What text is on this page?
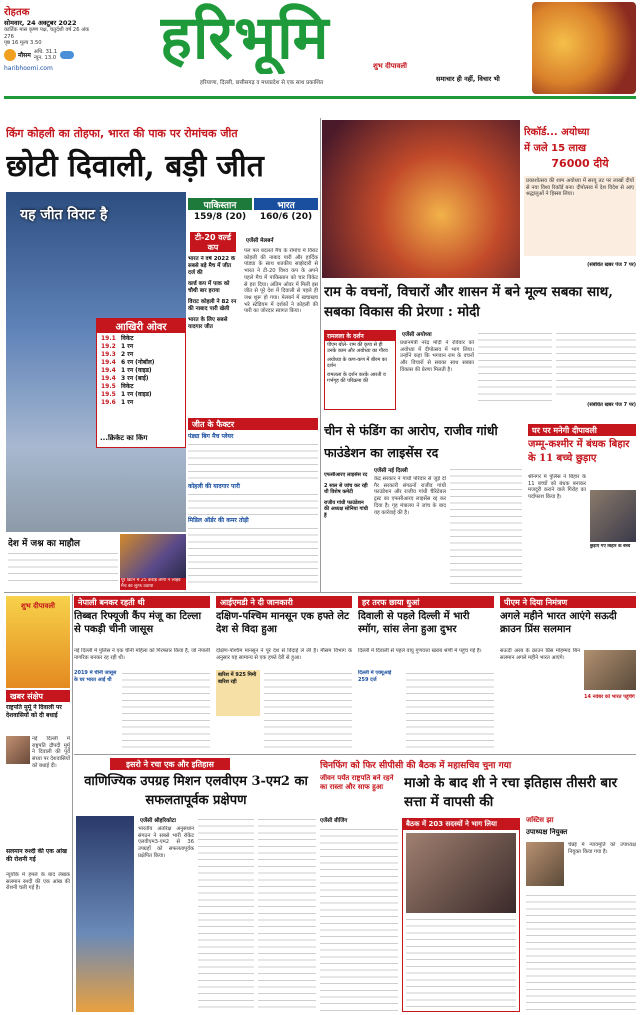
रोहतक
सोमवार, 24 अक्टूबर 2022
कार्तिक मास कृष्ण पक्ष, चतुर्दशी वर्ष 26 अंक 276
पृष्ठ 16 मूल्य 3.50
मौसम
अधि. 31.1
न्यून. 13.0
haribhoomi.com	हरिभूमि	शुभ दीपावली
हरियाणा, दिल्ली, छत्तीसगढ़ व मध्यप्रदेश से एक साथ प्रकाशित	समाचार ही नहीं, विचार भी
किंग कोहली का तोहफा, भारत की पाक पर रोमांचक जीत
छोटी दिवाली, बड़ी जीत
यह जीत विराट है
पाकिस्तान	भारत
159/8 (20)	160/6 (20)
टी-20 वर्ल्ड कप
भारत ने वर्ष 2022 के सबसे बड़े मैच में जीत दर्ज की
वर्ल्ड कप में पाक को चौथी बार हराया
विराट कोहली ने 82 रन की नाबाद पारी खेली
भारत के लिए सबसे यादगार जीत
एजेंसी मेलबर्न
पल पल बदलते मैच के रोमांच में विराट कोहली की नाबाद पारी और हार्दिक पांड्या के साथ शतकीय साझेदारी से भारत ने टी-20 विश्व कप के अपने पहले मैच में पाकिस्तान को चार विकेट से हरा दिया। अंतिम ओवर में मिली इस जीत से पूरे देश में दिवाली से पहले ही जश्न शुरू हो गया। मेलबर्न में खचाखच भरे स्टेडियम में दर्शकों ने कोहली की पारी का जोरदार स्वागत किया।
आखिरी ओवर
19.1 विकेट
19.2 1 रन
19.3 2 रन
19.4 6 रन (नोबॉल)
19.4 1 रन (वाइड)
19.4 3 रन (बाई)
19.5 विकेट
19.5 1 रन (वाइड)
19.6 1 रन
...क्रिकेट का किंग
जीत के फैक्टर
पंड्या बिग मैच प्लेयर
कोहली की यादगार पारी
मिडिल ऑर्डर की कमर तोड़ी
देश में जश्न का माहौल
पूरे ब्रिटेन में 25 करोड़ लोगों ने लाइव मैच का लुत्फ उठाया
रिकॉर्ड... अयोध्या
में जले 15 लाख
76000 दीये
प्रकाशोत्सव की शाम अयोध्या में सरयू तट पर लाखों दीयों से नया विश्व रिकॉर्ड बना। दीपोत्सव में देश विदेश से आए श्रद्धालुओं ने हिस्सा लिया।
(संबंधित खबर पेज 7 पर)
राम के वचनों, विचारों और शासन में बने मूल्य सबका साथ, सबका विकास की प्रेरणा : मोदी
रामलला के दर्शन
पीएम बोले- राम की कृपा से ही उनके काम और अयोध्या का गौरव
अयोध्या के कण-कण में बीरम का दर्शन
रामलला के दर्शन करके आरती व गर्भगृह की परिक्रमा की
एजेंसी अयोध्या
प्रधानमंत्री नरेंद्र मोदी ने रविवार को अयोध्या में दीपोत्सव में भाग लिया। उन्होंने कहा कि भगवान राम के वचनों और विचारों से सबका साथ सबका विकास की प्रेरणा मिलती है।
(संबंधित खबर पेज 7 पर)
चीन से फंडिंग का आरोप, राजीव गांधी फाउंडेशन का लाइसेंस रद
एफसीआरए लाइसेंस रद
2 साल से जांच कर रही थी विशेष कमेटी
राजीव गांधी फाउंडेशन की अध्यक्ष सोनिया गांधी हैं
एजेंसी नई दिल्ली
केंद्र सरकार ने गांधी परिवार से जुड़े दो गैर सरकारी संगठनों राजीव गांधी फाउंडेशन और राजीव गांधी चैरिटेबल ट्रस्ट का एफसीआरए लाइसेंस रद्द कर दिया है। गृह मंत्रालय ने जांच के बाद यह कार्रवाई की है।
घर पर मनेगी दीपावली
जम्मू-कश्मीर में बंधक बिहार के 11 बच्चे छुड़ाए
श्रीनगर में पुलिस ने बिहार के 11 बच्चों को बंधक बनाकर मजदूरी कराने वाले गिरोह का पर्दाफाश किया है।
छुड़ाए गए बिहार के बच्चे
शुभ दीपावली	नेपाली बनकर रहती थी
तिब्बत रिफ्यूजी कैंप मंजू का टिल्ला से पकड़ी चीनी जासूस
नई दिल्ली में पुलिस ने एक चीनी महिला को गिरफ्तार किया है, जो नेपाली नागरिक बनकर रह रही थी।
2019 में चीनी जासूस के घर भारत आई थी
आईएमडी ने दी जानकारी
दक्षिण-पश्चिम मानसून एक हफ्ते लेट देश से विदा हुआ
दक्षिण-पश्चिम मानसून ने पूरे देश से विदाई ले ली है। मौसम विभाग के अनुसार यह सामान्य से एक हफ्ते देरी से हुआ।
बारिश में 925 मिमी बारिश रही
हर तरफ छाया धुआं
दिवाली से पहले दिल्ली में भारी स्मॉग, सांस लेना हुआ दुभर
दिल्ली में दिवाली से पहले वायु गुणवत्ता खराब श्रेणी में पहुंच गई है।
दिल्ली में एक्यूआई 259 दर्ज
पीएम ने दिया निमंत्रण
अगले महीने भारत आएंगे सऊदी क्राउन प्रिंस सलमान
सऊदी अरब के क्राउन प्रिंस मोहम्मद बिन सलमान अगले महीने भारत आएंगे।
14 नवंबर को भारत पहुंचेंगे
खबर संक्षेप
राष्ट्रपति मुर्मू ने दिवाली पर देशवासियों को दी बधाई
नई दिल्ली में राष्ट्रपति द्रौपदी मुर्मू ने दिवाली की पूर्व संध्या पर देशवासियों को बधाई दी।
सलमान रुश्दी की एक आंख की रोशनी गई
न्यूयॉर्क में हमले के बाद लेखक सलमान रुश्दी की एक आंख की रोशनी चली गई है।
इसरो ने रचा एक और इतिहास
वाणिज्यिक उपग्रह मिशन एलवीएम 3-एम2 का सफलतापूर्वक प्रक्षेपण
एजेंसी श्रीहरिकोटा
भारतीय अंतरिक्ष अनुसंधान संगठन ने सबसे भारी रॉकेट एलवीएम3-एम2 से 36 उपग्रहों को सफलतापूर्वक प्रक्षेपित किया।
चिनफिंग को फिर सीपीसी की बैठक में महासचिव चुना गया
जीवन पर्यंत राष्ट्रपति बने रहने का रास्ता और साफ हुआ	माओ के बाद शी ने रचा इतिहास तीसरी बार सत्ता में वापसी की
एजेंसी बीजिंग	बैठक में 203 सदस्यों ने भाग लिया	जस्टिस झा
उपाध्यक्ष नियुक्त
चेन्नई में न्यायमूर्ति को उपाध्यक्ष नियुक्त किया गया है।
